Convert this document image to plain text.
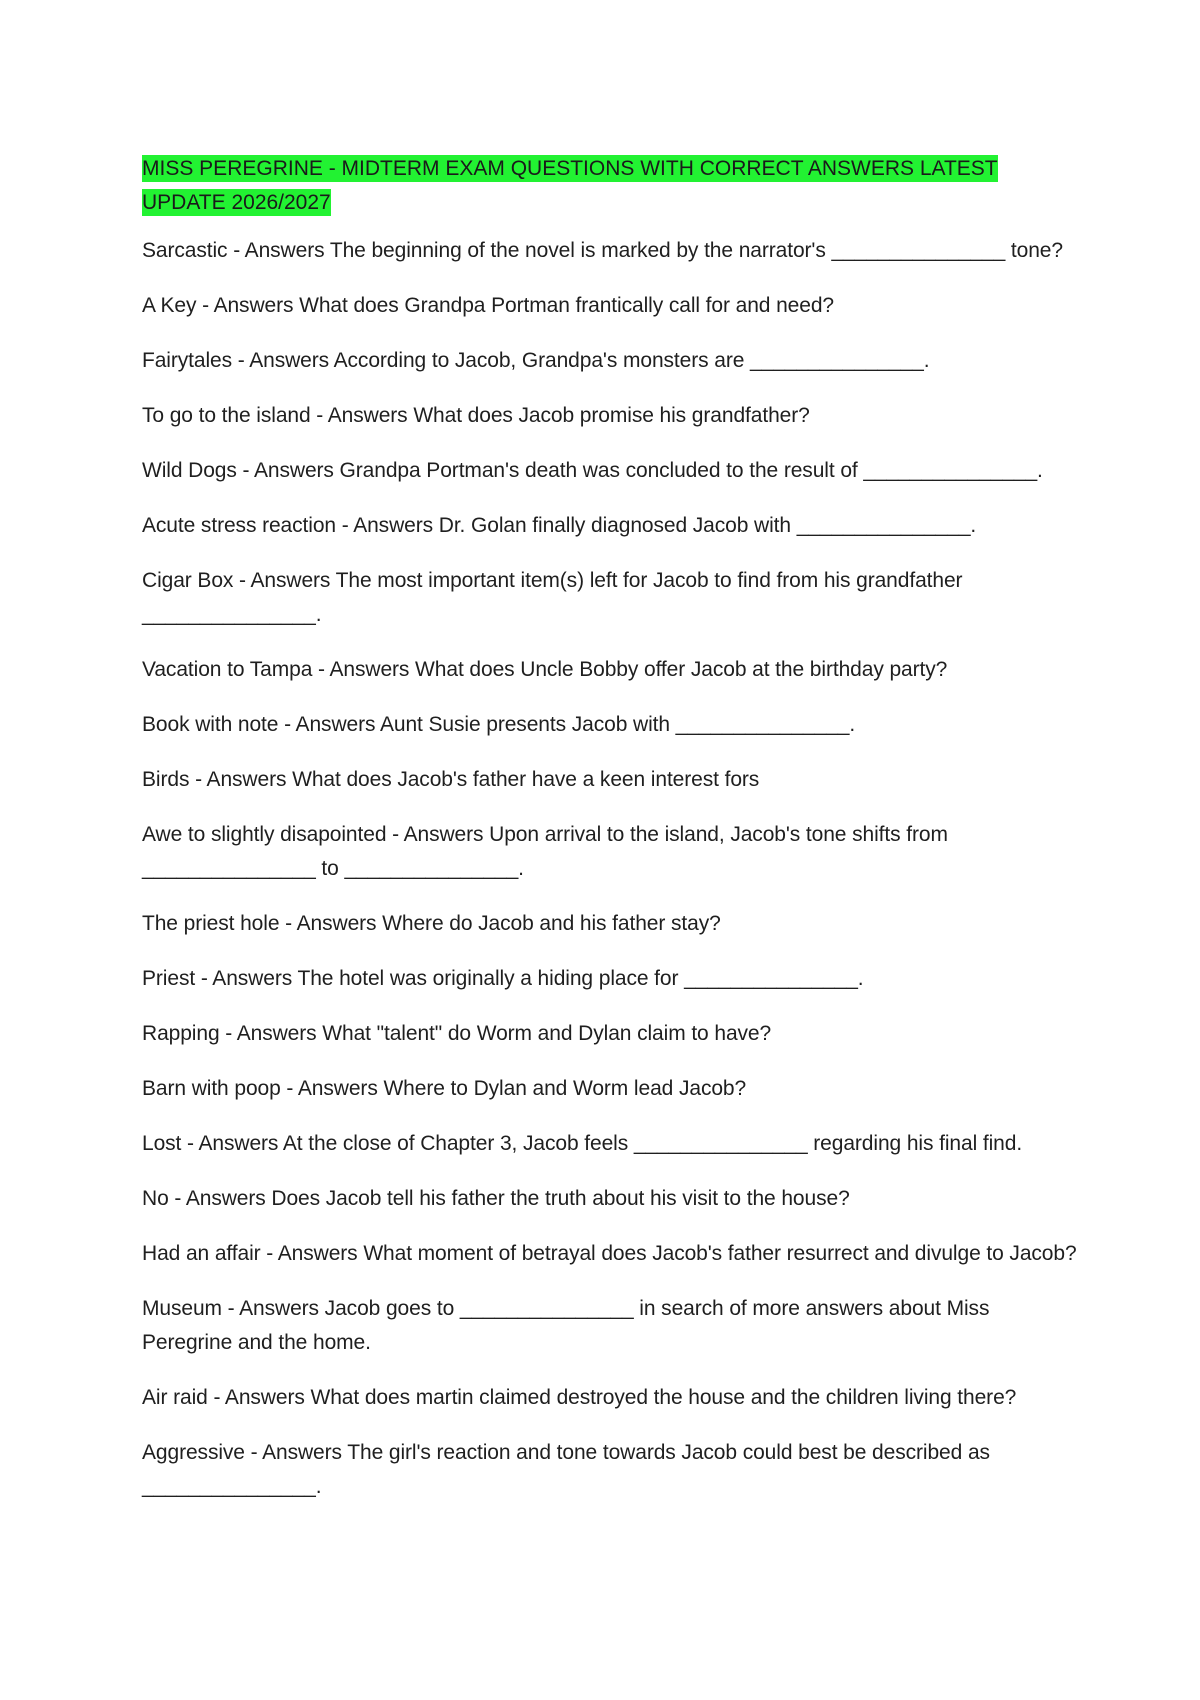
MISS PEREGRINE - MIDTERM EXAM QUESTIONS WITH CORRECT ANSWERS LATEST UPDATE 2026/2027
Sarcastic - Answers The beginning of the novel is marked by the narrator's _______________ tone?
A Key - Answers What does Grandpa Portman frantically call for and need?
Fairytales - Answers According to Jacob, Grandpa's monsters are _______________.
To go to the island - Answers What does Jacob promise his grandfather?
Wild Dogs - Answers Grandpa Portman's death was concluded to the result of _______________.
Acute stress reaction - Answers Dr. Golan finally diagnosed Jacob with _______________.
Cigar Box - Answers The most important item(s) left for Jacob to find from his grandfather _______________.
Vacation to Tampa - Answers What does Uncle Bobby offer Jacob at the birthday party?
Book with note - Answers Aunt Susie presents Jacob with _______________.
Birds - Answers What does Jacob's father have a keen interest fors
Awe to slightly disapointed - Answers Upon arrival to the island, Jacob's tone shifts from _______________ to _______________.
The priest hole - Answers Where do Jacob and his father stay?
Priest - Answers The hotel was originally a hiding place for _______________.
Rapping - Answers What "talent" do Worm and Dylan claim to have?
Barn with poop - Answers Where to Dylan and Worm lead Jacob?
Lost - Answers At the close of Chapter 3, Jacob feels _______________ regarding his final find.
No - Answers Does Jacob tell his father the truth about his visit to the house?
Had an affair - Answers What moment of betrayal does Jacob's father resurrect and divulge to Jacob?
Museum - Answers Jacob goes to _______________ in search of more answers about Miss Peregrine and the home.
Air raid - Answers What does martin claimed destroyed the house and the children living there?
Aggressive - Answers The girl's reaction and tone towards Jacob could best be described as _______________.
